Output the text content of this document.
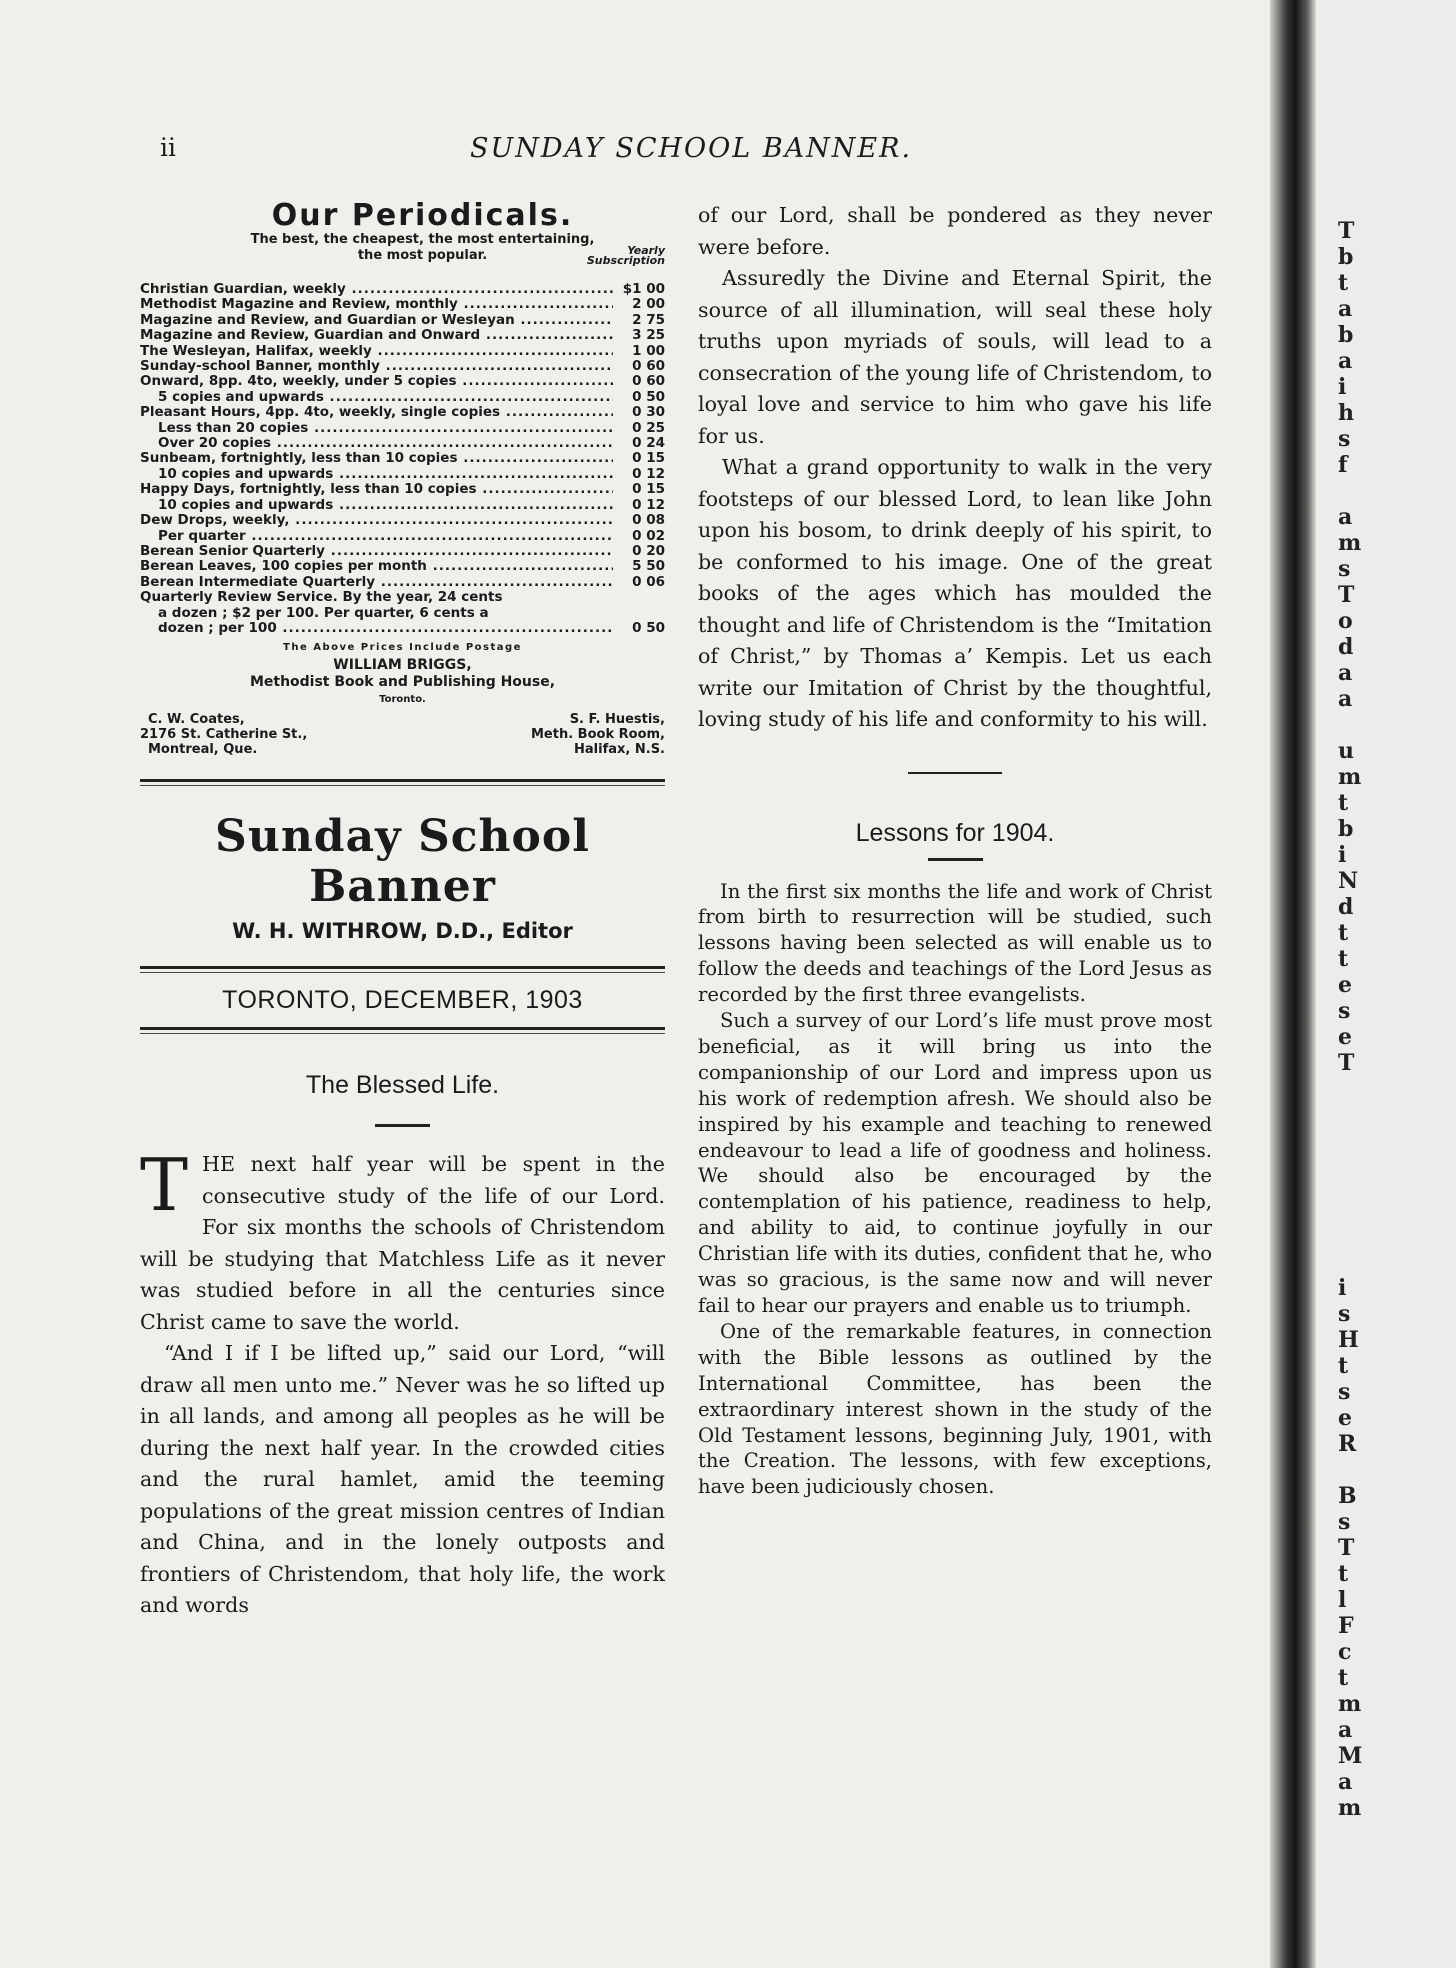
ii	SUNDAY SCHOOL BANNER.
Our Periodicals.
The best, the cheapest, the most entertaining,
the most popular.	Yearly
Subscription
Christian Guardian, weekly .....	$1 00
Methodist Magazine and Review, monthly .....	2 00
Magazine and Review, and Guardian or Wesleyan .....	2 75
Magazine and Review, Guardian and Onward .....	3 25
The Wesleyan, Halifax, weekly .....	1 00
Sunday-school Banner, monthly .....	0 60
Onward, 8pp. 4to, weekly, under 5 copies .....	0 60
5 copies and upwards .....	0 50
Pleasant Hours, 4pp. 4to, weekly, single copies .....	0 30
Less than 20 copies .....	0 25
Over 20 copies .....	0 24
Sunbeam, fortnightly, less than 10 copies .....	0 15
10 copies and upwards .....	0 12
Happy Days, fortnightly, less than 10 copies .....	0 15
10 copies and upwards .....	0 12
Dew Drops, weekly, .....	0 08
Per quarter .....	0 02
Berean Senior Quarterly .....	0 20
Berean Leaves, 100 copies per month .....	5 50
Berean Intermediate Quarterly .....	0 06
Quarterly Review Service. By the year, 24 cents
a dozen ; $2 per 100. Per quarter, 6 cents a
dozen ; per 100 .....	0 50
The Above Prices Include Postage
WILLIAM BRIGGS,
Methodist Book and Publishing House,
Toronto.
C. W. Coates,
2176 St. Catherine St.,
Montreal, Que.
S. F. Huestis,
Meth. Book Room,
Halifax, N.S.
Sunday School Banner
W. H. WITHROW, D.D., Editor
TORONTO, DECEMBER, 1903
The Blessed Life.

THE next half year will be spent in the consecutive study of the life of our Lord. For six months the schools of Christendom will be studying that Matchless Life as it never was studied before in all the centuries since Christ came to save the world.

“And I if I be lifted up,” said our Lord, “will draw all men unto me.” Never was he so lifted up in all lands, and among all peoples as he will be during the next half year. In the crowded cities and the rural hamlet, amid the teeming populations of the great mission centres of Indian and China, and in the lonely outposts and frontiers of Christendom, that holy life, the work and words

of our Lord, shall be pondered as they never were before.

Assuredly the Divine and Eternal Spirit, the source of all illumination, will seal these holy truths upon myriads of souls, will lead to a consecration of the young life of Christendom, to loyal love and service to him who gave his life for us.

What a grand opportunity to walk in the very footsteps of our blessed Lord, to lean like John upon his bosom, to drink deeply of his spirit, to be conformed to his image. One of the great books of the ages which has moulded the thought and life of Christendom is the “Imitation of Christ,” by Thomas a’ Kempis. Let us each write our Imitation of Christ by the thoughtful, loving study of his life and conformity to his will.

Lessons for 1904.

In the first six months the life and work of Christ from birth to resurrection will be studied, such lessons having been selected as will enable us to follow the deeds and teachings of the Lord Jesus as recorded by the first three evangelists.

Such a survey of our Lord’s life must prove most beneficial, as it will bring us into the companionship of our Lord and impress upon us his work of redemption afresh. We should also be inspired by his example and teaching to renewed endeavour to lead a life of goodness and holiness. We should also be encouraged by the contemplation of his patience, readiness to help, and ability to aid, to continue joyfully in our Christian life with its duties, confident that he, who was so gracious, is the same now and will never fail to hear our prayers and enable us to triumph.

One of the remarkable features, in connection with the Bible lessons as outlined by the International Committee, has been the extraordinary interest shown in the study of the Old Testament lessons, beginning July, 1901, with the Creation. The lessons, with few exceptions, have been judiciously chosen.

T
b
t
a
b
a
i
h
s
f
a
m
s
T
o
d
a
a
u
m
t
b
i
N
d
t
t
e
s
e
T
i
s
H
t
s
e
R
B
s
T
t
l
F
c
t
m
a
M
a
m
